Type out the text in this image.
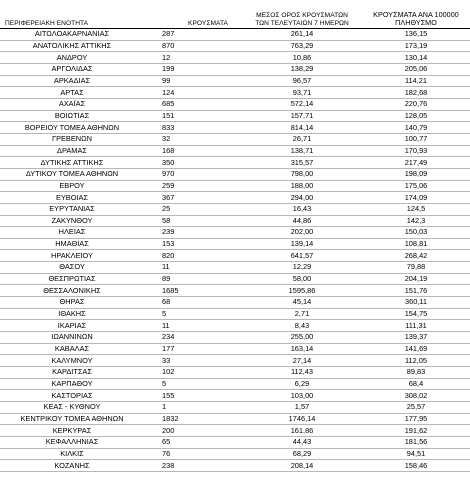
ΠΕΡΙΦΕΡΕΙΑΚΗ ΕΝΟΤΗΤΑ	ΚΡΟΥΣΜΑΤΑ	ΜΕΣΟΣ ΟΡΟΣ ΚΡΟΥΣΜΑΤΩΝ
ΤΩΝ ΤΕΛΕΥΤΑΙΩΝ 7 ΗΜΕΡΩΝ	ΚΡΟΥΣΜΑΤΑ ΑΝΑ 100000
ΠΛΗΘΥΣΜΟ
ΑΙΤΩΛΟΑΚΑΡΝΑΝΙΑΣ	287	261,14	136,15
ΑΝΑΤΟΛΙΚΗΣ ΑΤΤΙΚΗΣ	870	763,29	173,19
ΑΝΔΡΟΥ	12	10,86	130,14
ΑΡΓΟΛΙΔΑΣ	199	138,29	205,06
ΑΡΚΑΔΙΑΣ	99	96,57	114,21
ΑΡΤΑΣ	124	93,71	182,68
ΑΧΑΪΑΣ	685	572,14	220,76
ΒΟΙΩΤΙΑΣ	151	157,71	128,05
ΒΟΡΕΙΟΥ ΤΟΜΕΑ ΑΘΗΝΩΝ	833	814,14	140,79
ΓΡΕΒΕΝΩΝ	32	26,71	100,77
ΔΡΑΜΑΣ	168	138,71	170,93
ΔΥΤΙΚΗΣ ΑΤΤΙΚΗΣ	350	315,57	217,49
ΔΥΤΙΚΟΥ ΤΟΜΕΑ ΑΘΗΝΩΝ	970	798,00	198,09
ΕΒΡΟΥ	259	188,00	175,06
ΕΥΒΟΙΑΣ	367	294,00	174,09
ΕΥΡΥΤΑΝΙΑΣ	25	16,43	124,5
ΖΑΚΥΝΘΟΥ	58	44,86	142,3
ΗΛΕΙΑΣ	239	202,00	150,03
ΗΜΑΘΙΑΣ	153	139,14	108,81
ΗΡΑΚΛΕΙΟΥ	820	641,57	268,42
ΘΑΣΟΥ	11	12,29	79,88
ΘΕΣΠΡΩΤΙΑΣ	89	58,00	204,19
ΘΕΣΣΑΛΟΝΙΚΗΣ	1685	1595,86	151,76
ΘΗΡΑΣ	68	45,14	360,11
ΙΘΑΚΗΣ	5	2,71	154,75
ΙΚΑΡΙΑΣ	11	8,43	111,31
ΙΩΑΝΝΙΝΩΝ	234	255,00	139,37
ΚΑΒΑΛΑΣ	177	163,14	141,69
ΚΑΛΥΜΝΟΥ	33	27,14	112,05
ΚΑΡΔΙΤΣΑΣ	102	112,43	89,83
ΚΑΡΠΑΘΟΥ	5	6,29	68,4
ΚΑΣΤΟΡΙΑΣ	155	103,00	308,02
ΚΕΑΣ - ΚΥΘΝΟΥ	1	1,57	25,57
ΚΕΝΤΡΙΚΟΥ ΤΟΜΕΑ ΑΘΗΝΩΝ	1832	1746,14	177,95
ΚΕΡΚΥΡΑΣ	200	161,86	191,62
ΚΕΦΑΛΛΗΝΙΑΣ	65	44,43	181,56
ΚΙΛΚΙΣ	76	68,29	94,51
ΚΟΖΑΝΗΣ	238	208,14	158,46
